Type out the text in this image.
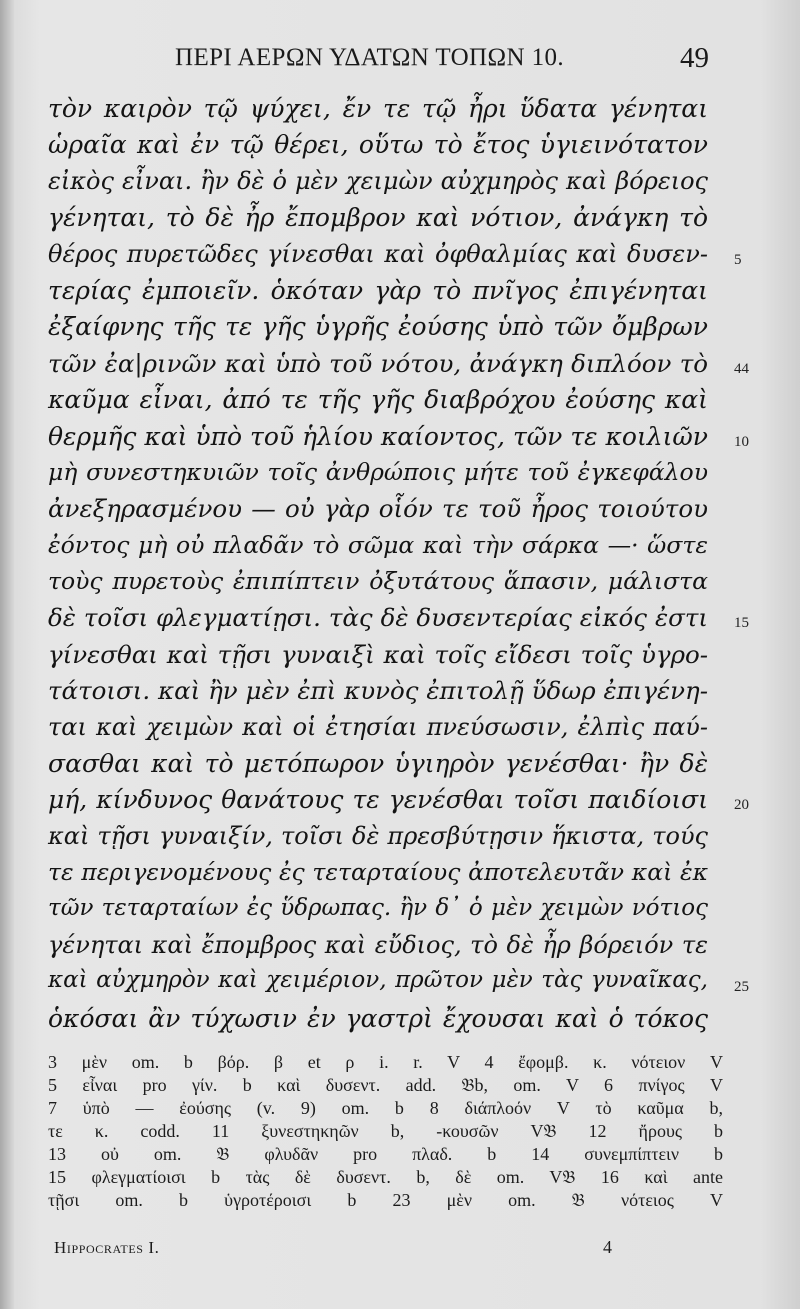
ΠΕΡΙ ΑΕΡΩΝ ΥΔΑΤΩΝ ΤΟΠΩΝ 10.	49
τὸν καιρὸν τῷ ψύχει, ἔν τε τῷ ἦρι ὕδατα γένηται
ὡραῖα καὶ ἐν τῷ θέρει, οὕτω τὸ ἔτος ὑγιεινότατον
εἰκὸς εἶναι. ἢν δὲ ὁ μὲν χειμὼν αὐχμηρὸς καὶ βόρειος
γένηται, τὸ δὲ ἦρ ἔπομβρον καὶ νότιον, ἀνάγκη τὸ
θέρος πυρετῶδες γίνεσθαι καὶ ὀφθαλμίας καὶ δυσεν- 5
τερίας ἐμποιεῖν. ὁκόταν γὰρ τὸ πνῖγος ἐπιγένηται
ἐξαίφνης τῆς τε γῆς ὑγρῆς ἐούσης ὑπὸ τῶν ὄμβρων
τῶν ἐα|ρινῶν καὶ ὑπὸ τοῦ νότου, ἀνάγκη διπλόον τὸ 44
καῦμα εἶναι, ἀπό τε τῆς γῆς διαβρόχου ἐούσης καὶ
θερμῆς καὶ ὑπὸ τοῦ ἡλίου καίοντος, τῶν τε κοιλιῶν 10
μὴ συνεστηκυιῶν τοῖς ἀνθρώποις μήτε τοῦ ἐγκεφάλου
ἀνεξηρασμένου — οὐ γὰρ οἷόν τε τοῦ ἦρος τοιούτου
ἐόντος μὴ οὐ πλαδᾶν τὸ σῶμα καὶ τὴν σάρκα —· ὥστε
τοὺς πυρετοὺς ἐπιπίπτειν ὀξυτάτους ἅπασιν, μάλιστα
δὲ τοῖσι φλεγματίῃσι. τὰς δὲ δυσεντερίας εἰκός ἐστι 15
γίνεσθαι καὶ τῇσι γυναιξὶ καὶ τοῖς εἴδεσι τοῖς ὑγρο-
τάτοισι. καὶ ἢν μὲν ἐπὶ κυνὸς ἐπιτολῇ ὕδωρ ἐπιγένη-
ται καὶ χειμὼν καὶ οἱ ἐτησίαι πνεύσωσιν, ἐλπὶς παύ-
σασθαι καὶ τὸ μετόπωρον ὑγιηρὸν γενέσθαι· ἢν δὲ
μή, κίνδυνος θανάτους τε γενέσθαι τοῖσι παιδίοισι 20
καὶ τῇσι γυναιξίν, τοῖσι δὲ πρεσβύτῃσιν ἥκιστα, τούς
τε περιγενομένους ἐς τεταρταίους ἀποτελευτᾶν καὶ ἐκ
τῶν τεταρταίων ἐς ὕδρωπας. ἢν δ᾽ ὁ μὲν χειμὼν νότιος
γένηται καὶ ἔπομβρος καὶ εὔδιος, τὸ δὲ ἦρ βόρειόν τε
καὶ αὐχμηρὸν καὶ χειμέριον, πρῶτον μὲν τὰς γυναῖκας, 25
ὁκόσαι ἂν τύχωσιν ἐν γαστρὶ ἔχουσαι καὶ ὁ τόκος
3 μὲν om. b βόρ. β et ρ i. r. V 4 ἔφομβ. κ. νότειον V
5 εἶναι pro γίν. b καὶ δυσεντ. add. 𝔅b, om. V 6 πνίγος V
7 ὑπὸ — ἐούσης (v. 9) om. b 8 διάπλοόν V τὸ καῦμα b,
τε κ. codd. 11 ξυνεστηκηῶν b, -κουσῶν V𝔅 12 ἤρους b
13 οὐ om. 𝔅 φλυδᾶν pro πλαδ. b 14 συνεμπίπτειν b
15 φλεγματίοισι b τὰς δὲ δυσεντ. b, δὲ om. V𝔅 16 καὶ ante
τῇσι om. b ὑγροτέροισι b 23 μὲν om. 𝔅 νότειος V
Hippocrates I.	4
